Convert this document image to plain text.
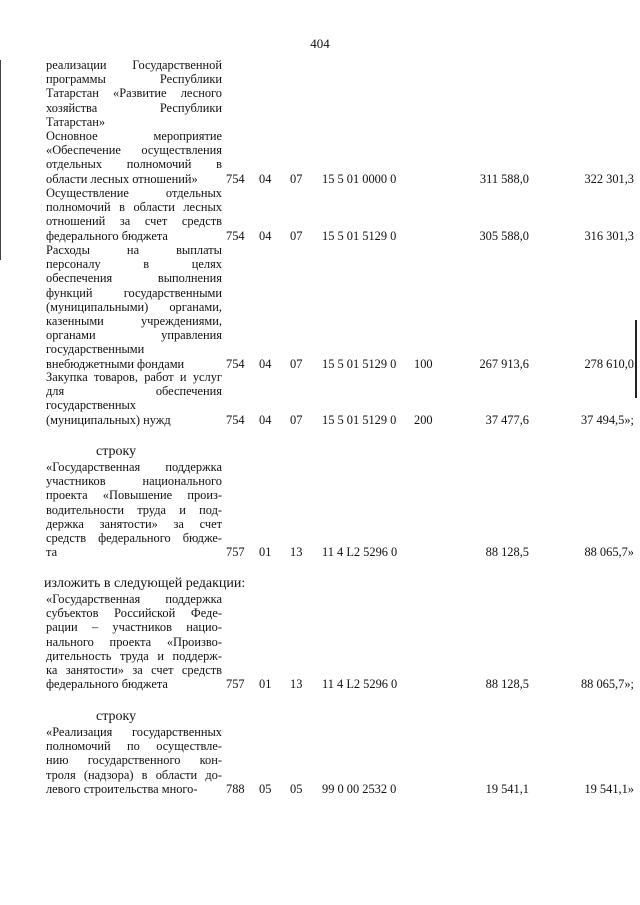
404
реализации Государственной
программы Республики
Татарстан «Развитие лесного
хозяйства Республики
Татарстан»
Основное мероприятие
«Обеспечение осуществления
отдельных полномочий в
области лесных отношений»	754 04 07 15 5 01 0000 0	311 588,0	322 301,3
Осуществление отдельных
полномочий в области лесных
отношений за счет средств
федерального бюджета	754 04 07 15 5 01 5129 0	305 588,0	316 301,3
Расходы на выплаты
персоналу в целях
обеспечения выполнения
функций государственными
(муниципальными) органами,
казенными учреждениями,
органами управления
государственными
внебюджетными фондами	754 04 07 15 5 01 5129 0 100	267 913,6	278 610,0
Закупка товаров, работ и услуг
для обеспечения
государственных
(муниципальных) нужд	754 04 07 15 5 01 5129 0 200	37 477,6	37 494,5»;
строку
«Государственная поддержка
участников национального
проекта «Повышение произ-
водительности труда и под-
держка занятости» за счет
средств федерального бюдже-
та	757 01 13 11 4 L2 5296 0	88 128,5	88 065,7»
изложить в следующей редакции:
«Государственная поддержка
субъектов Российской Феде-
рации – участников нацио-
нального проекта «Произво-
дительность труда и поддерж-
ка занятости» за счет средств
федерального бюджета	757 01 13 11 4 L2 5296 0	88 128,5	88 065,7»;
строку
«Реализация государственных
полномочий по осуществле-
нию государственного кон-
троля (надзора) в области до-
левого строительства много-	788 05 05 99 0 00 2532 0	19 541,1	19 541,1»
